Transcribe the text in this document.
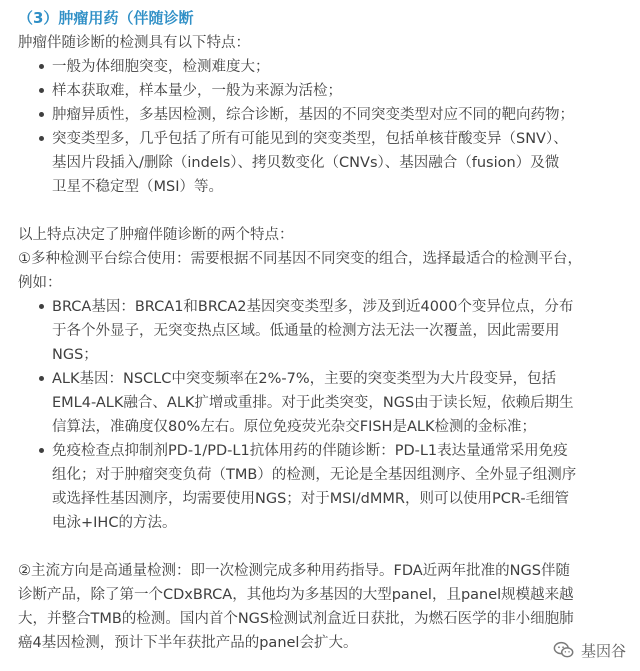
（3）肿瘤用药（伴随诊断
肿瘤伴随诊断的检测具有以下特点：
一般为体细胞突变，检测难度大；
样本获取难，样本量少，一般为来源为活检；
肿瘤异质性，多基因检测，综合诊断，基因的不同突变类型对应不同的靶向药物；
突变类型多，几乎包括了所有可能见到的突变类型，包括单核苷酸变异（SNV）、
基因片段插入/删除（indels）、拷贝数变化（CNVs）、基因融合（fusion）及微
卫星不稳定型（MSI）等。
以上特点决定了肿瘤伴随诊断的两个特点：
①多种检测平台综合使用：需要根据不同基因不同突变的组合，选择最适合的检测平台，
例如：
BRCA基因：BRCA1和BRCA2基因突变类型多，涉及到近4000个变异位点，分布
于各个外显子，无突变热点区域。低通量的检测方法无法一次覆盖，因此需要用
NGS；
ALK基因：NSCLC中突变频率在2%-7%，主要的突变类型为大片段变异，包括
EML4-ALK融合、ALK扩增或重排。对于此类突变，NGS由于读长短，依赖后期生
信算法，准确度仅80%左右。原位免疫荧光杂交FISH是ALK检测的金标准；
免疫检查点抑制剂PD-1/PD-L1抗体用药的伴随诊断：PD-L1表达量通常采用免疫
组化；对于肿瘤突变负荷（TMB）的检测，无论是全基因组测序、全外显子组测序
或选择性基因测序，均需要使用NGS；对于MSI/dMMR，则可以使用PCR-毛细管
电泳+IHC的方法。
②主流方向是高通量检测：即一次检测完成多种用药指导。FDA近两年批准的NGS伴随
诊断产品，除了第一个CDxBRCA，其他均为多基因的大型panel，且panel规模越来越
大，并整合TMB的检测。国内首个NGS检测试剂盒近日获批，为燃石医学的非小细胞肺
癌4基因检测，预计下半年获批产品的panel会扩大。	基因谷
